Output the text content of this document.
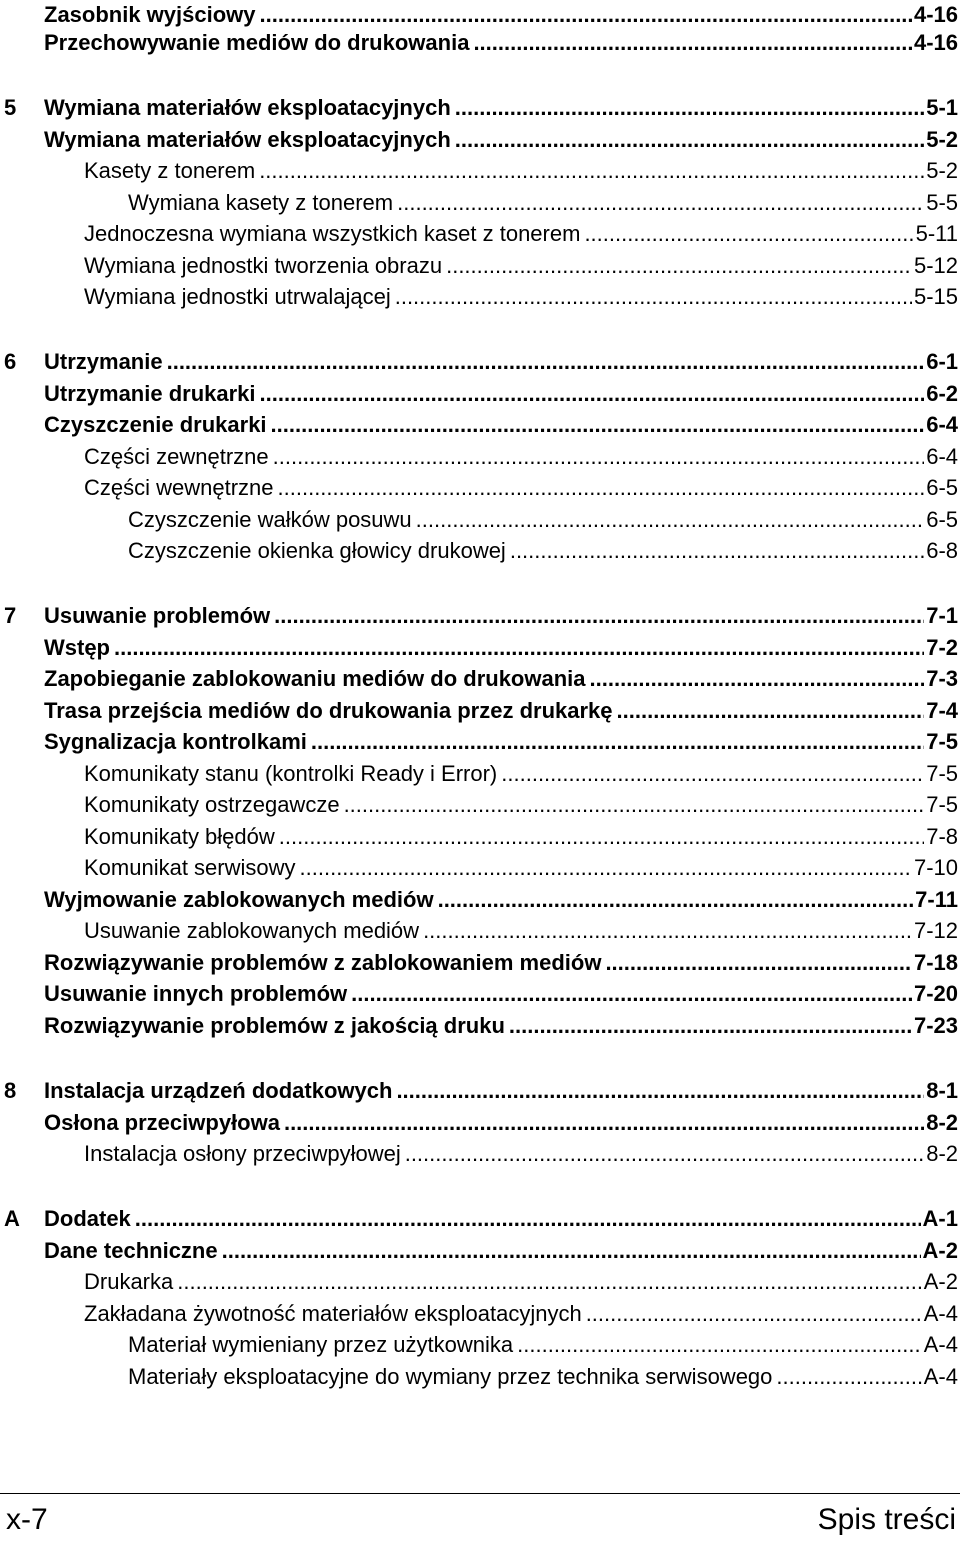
Zasobnik wyjściowy .....	4-16
Przechowywanie mediów do drukowania .....	4-16
5 Wymiana materiałów eksploatacyjnych .....	5-1
Wymiana materiałów eksploatacyjnych .....	5-2
Kasety z tonerem .....	5-2
Wymiana kasety z tonerem .....	5-5
Jednoczesna wymiana wszystkich kaset z tonerem .....	5-11
Wymiana jednostki tworzenia obrazu .....	5-12
Wymiana jednostki utrwalającej .....	5-15
6 Utrzymanie .....	6-1
Utrzymanie drukarki .....	6-2
Czyszczenie drukarki .....	6-4
Części zewnętrzne .....	6-4
Części wewnętrzne .....	6-5
Czyszczenie wałków posuwu .....	6-5
Czyszczenie okienka głowicy drukowej .....	6-8
7 Usuwanie problemów .....	7-1
Wstęp .....	7-2
Zapobieganie zablokowaniu mediów do drukowania .....	7-3
Trasa przejścia mediów do drukowania przez drukarkę .....	7-4
Sygnalizacja kontrolkami .....	7-5
Komunikaty stanu (kontrolki Ready i Error) .....	7-5
Komunikaty ostrzegawcze .....	7-5
Komunikaty błędów .....	7-8
Komunikat serwisowy .....	7-10
Wyjmowanie zablokowanych mediów .....	7-11
Usuwanie zablokowanych mediów .....	7-12
Rozwiązywanie problemów z zablokowaniem mediów .....	7-18
Usuwanie innych problemów .....	7-20
Rozwiązywanie problemów z jakością druku .....	7-23
8 Instalacja urządzeń dodatkowych .....	8-1
Osłona przeciwpyłowa .....	8-2
Instalacja osłony przeciwpyłowej .....	8-2
A Dodatek .....	A-1
Dane techniczne .....	A-2
Drukarka .....	A-2
Zakładana żywotność materiałów eksploatacyjnych .....	A-4
Materiał wymieniany przez użytkownika .....	A-4
Materiały eksploatacyjne do wymiany przez technika serwisowego .....	A-4
x-7	Spis treści
